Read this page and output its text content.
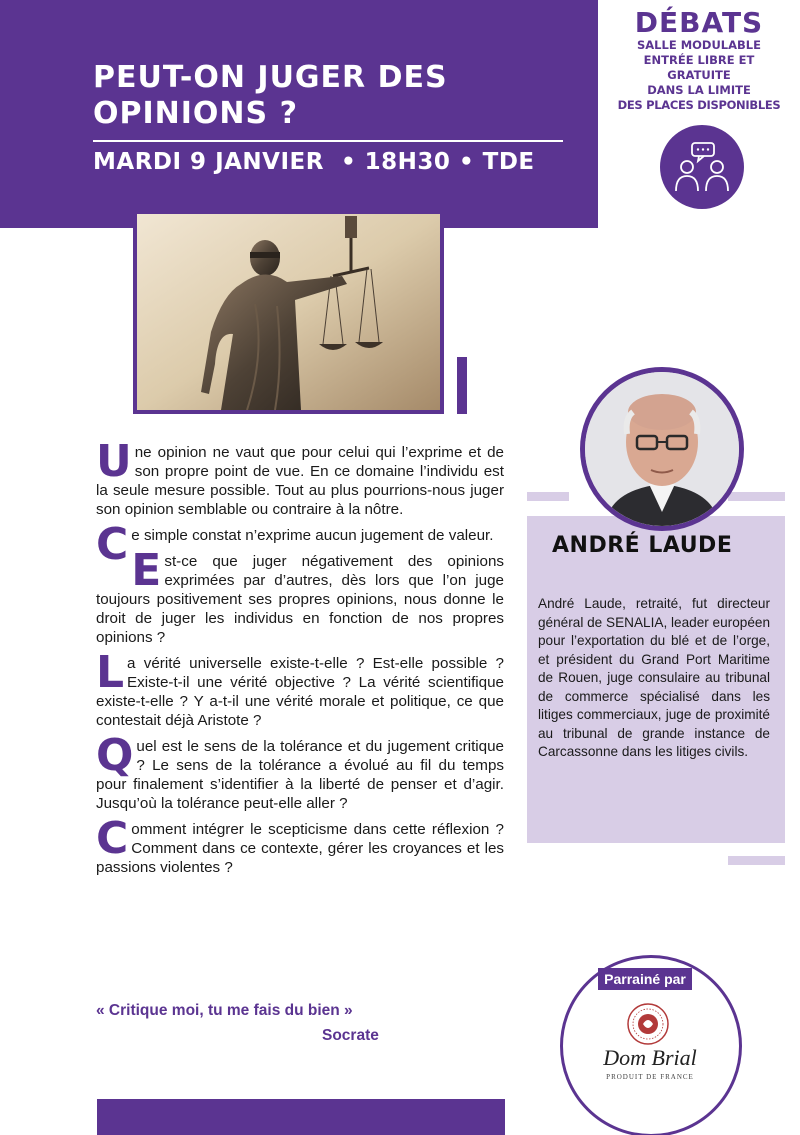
PEUT-ON JUGER DES OPINIONS ?
MARDI 9 JANVIER  • 18H30 • TDE
DÉBATS
SALLE MODULABLE
ENTRÉE LIBRE ET
GRATUITE
DANS LA LIMITE
DES PLACES DISPONIBLES

Une opinion ne vaut que pour celui qui l’exprime et de son propre point de vue. En ce domaine l’individu est la seule mesure possible. Tout au plus pourrions-nous juger son opinion semblable ou contraire à la nôtre.

Ce simple constat n’exprime aucun jugement de valeur.

Est-ce que juger négativement des opinions exprimées par d’autres, dès lors que l’on juge toujours positivement ses propres opinions, nous donne le droit de juger les individus en fonction de nos propres opinions ?

La vérité universelle existe-t-elle ? Est-elle possible ? Existe-t-il une vérité objective ? La vérité scientifique existe-t-elle ? Y a-t-il une vérité morale et politique, ce que contestait déjà Aristote ?

Quel est le sens de la tolérance et du jugement critique ? Le sens de la tolérance a évolué au fil du temps pour finalement s’identifier à la liberté de penser et d’agir. Jusqu’où la tolérance peut-elle aller ?

Comment intégrer le scepticisme dans cette réflexion ? Comment dans ce contexte, gérer les croyances et les passions violentes ?

« Critique moi, tu me fais du bien »
Socrate
ANDRÉ LAUDE
André Laude, retraité, fut directeur général de SENALIA, leader européen pour l’exportation du blé et de l’orge, et président du Grand Port Maritime de Rouen, juge consulaire au tribunal de commerce spécialisé dans les litiges commerciaux, juge de proximité au tribunal de grande instance de Carcassonne dans les litiges civils.
Parrainé par
Dom Brial
PRODUIT DE FRANCE
